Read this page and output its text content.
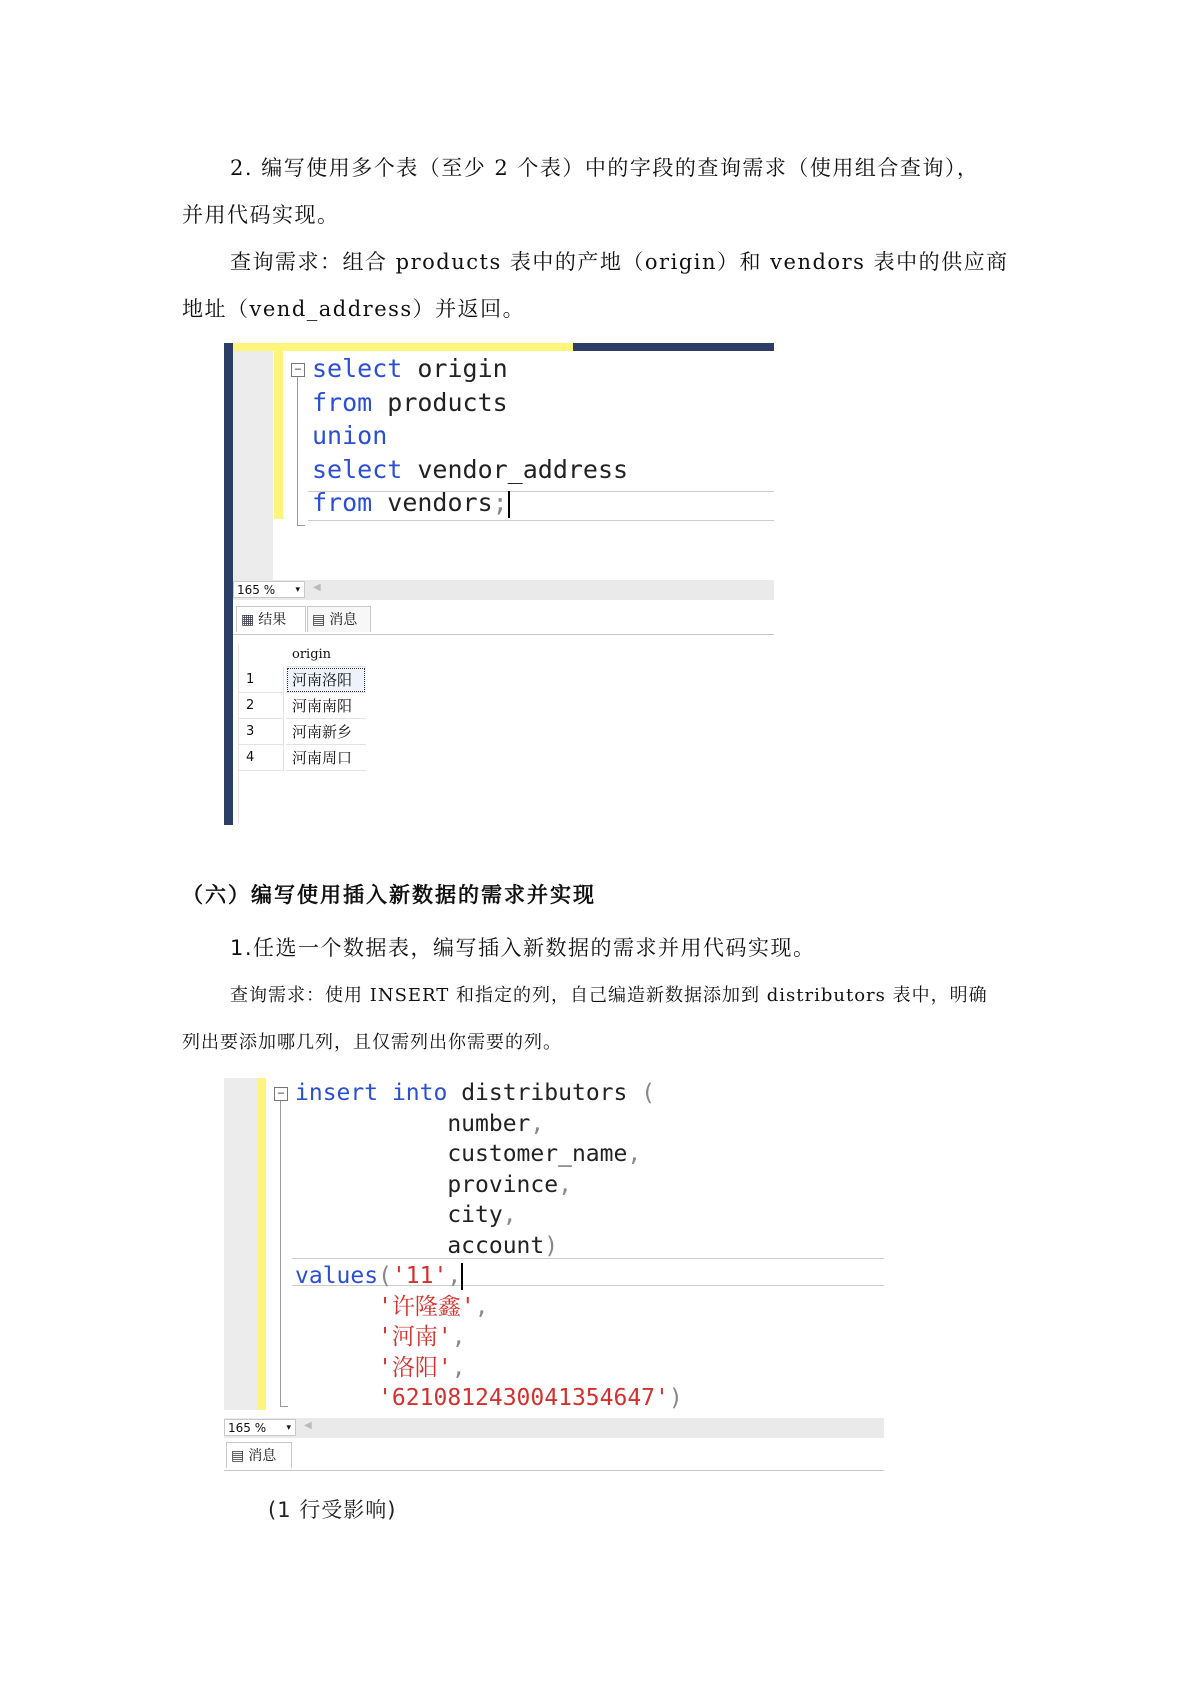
2. 编写使用多个表（至少 2 个表）中的字段的查询需求（使用组合查询），
并用代码实现。
查询需求：组合 products 表中的产地（origin）和 vendors 表中的供应商
地址（vend_address）并返回。
− select origin
from products
union
select vendor_address
from vendors;
165 % ▾ ◀
▦ 结果	▤ 消息
origin
1	河南洛阳
2	河南南阳
3	河南新乡
4	河南周口
（六）编写使用插入新数据的需求并实现
1.任选一个数据表，编写插入新数据的需求并用代码实现。
查询需求：使用 INSERT 和指定的列，自己编造新数据添加到 distributors 表中，明确
列出要添加哪几列，且仅需列出你需要的列。
− insert into distributors (
number,
customer_name,
province,
city,
account)
values('11',
'许隆鑫',
'河南',
'洛阳',
'6210812430041354647')
165 % ▾ ◀
▤ 消息
(1 行受影响)
